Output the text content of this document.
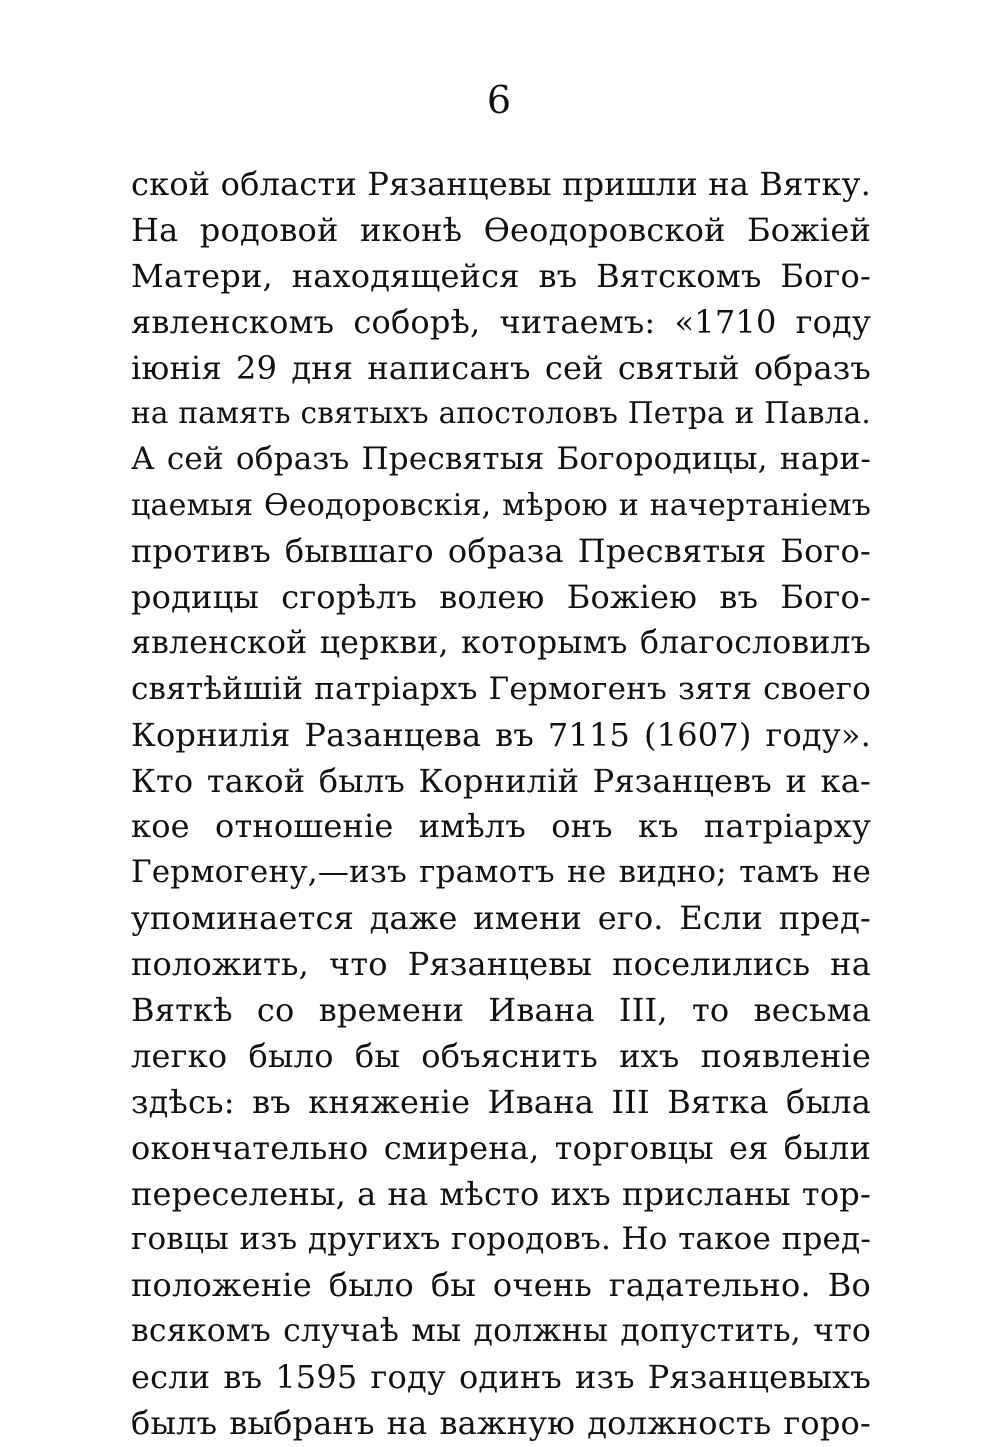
6
ской области Рязанцевы пришли на Вятку.
На родовой иконѣ Ѳеодоровской Божіей
Матери, находящейся въ Вятскомъ Бого-
явленскомъ соборѣ, читаемъ: «1710 году
іюнія 29 дня написанъ сей святый образъ
на память святыхъ апостоловъ Петра и Павла.
А сей образъ Пресвятыя Богородицы, нари-
цаемыя Ѳеодоровскія, мѣрою и начертаніемъ
противъ бывшаго образа Пресвятыя Бого-
родицы сгорѣлъ волею Божіею въ Бого-
явленской церкви, которымъ благословилъ
святѣйшій патріархъ Гермогенъ зятя своего
Корнилія Разанцева въ 7115 (1607) году».
Кто такой былъ Корнилій Рязанцевъ и ка-
кое отношеніе имѣлъ онъ къ патріарху
Гермогену,—изъ грамотъ не видно; тамъ не
упоминается даже имени его. Если пред-
положить, что Рязанцевы поселились на
Вяткѣ со времени Ивана III, то весьма
легко было бы объяснить ихъ появленіе
здѣсь: въ княженіе Ивана III Вятка была
окончательно смирена, торговцы ея были
переселены, а на мѣсто ихъ присланы тор-
говцы изъ другихъ городовъ. Но такое пред-
положеніе было бы очень гадательно. Во
всякомъ случаѣ мы должны допустить, что
если въ 1595 году одинъ изъ Рязанцевыхъ
былъ выбранъ на важную должность горо-
